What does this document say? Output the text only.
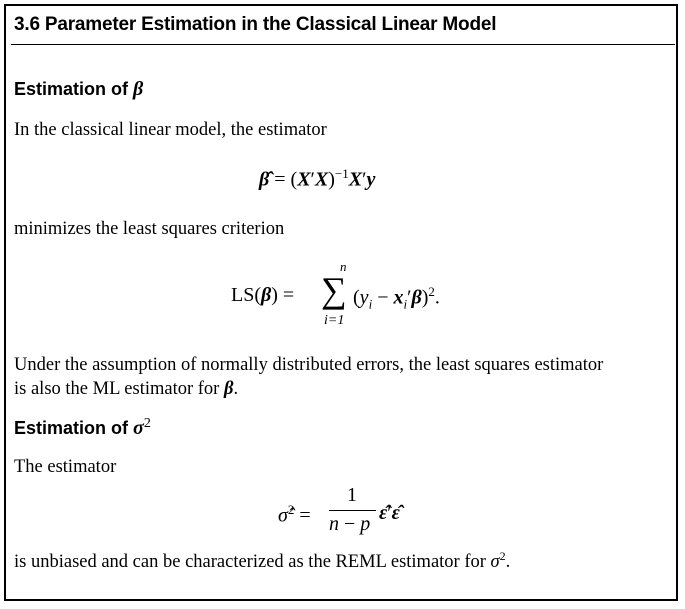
3.6 Parameter Estimation in the Classical Linear Model
Estimation of β
In the classical linear model, the estimator
β̂ = $(X'X)^{-1}X'y$
minimizes the least squares criterion
LS(β) =
n
∑
i=1
$(y_i - x_i'\beta)^2$.
Under the assumption of normally distributed errors, the least squares estimator
is also the ML estimator for β.
Estimation of $\sigma^2$
The estimator
σ̂$^2$ =
1
n − p ε̂′ε̂
is unbiased and can be characterized as the REML estimator for $\sigma^2$.
